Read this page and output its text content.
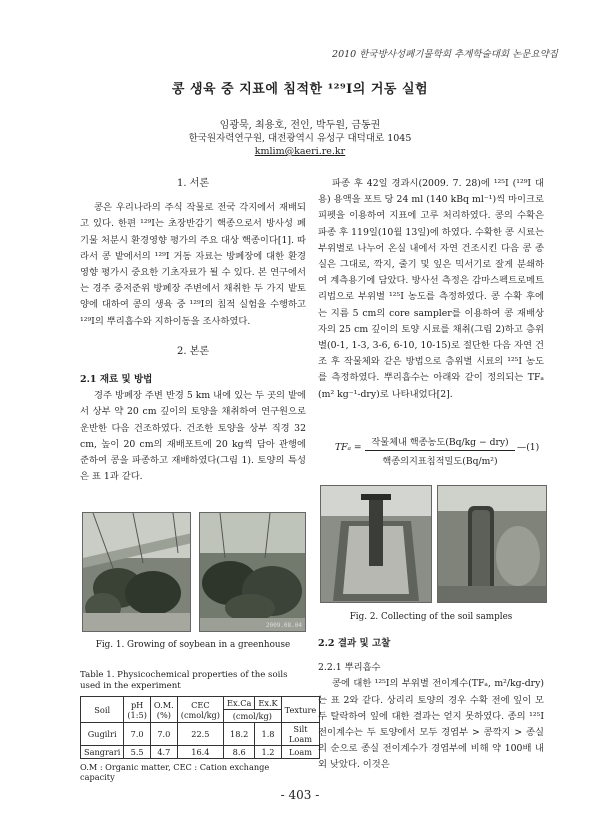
2010 한국방사성폐기물학회 추계학술대회 논문요약집
콩 생육 중 지표에 침적한 ¹²⁹I의 거동 실험
임광묵, 최용호, 전인, 박두원, 금동권
한국원자력연구원, 대전광역시 유성구 대덕대로 1045
kmlim@kaeri.re.kr
1. 서론
콩은 우리나라의 주식 작물로 전국 각지에서 재배되고 있다. 한편 ¹²⁹I는 초장반감기 핵종으로서 방사성 폐기물 처분시 환경영향 평가의 주요 대상 핵종이다[1]. 따라서 콩 밭에서의 ¹²⁹I 거동 자료는 방폐장에 대한 환경영향 평가시 중요한 기초자료가 될 수 있다. 본 연구에서는 경주 중저준위 방폐장 주변에서 채취한 두 가지 밭토양에 대하여 콩의 생육 중 ¹²⁹I의 침적 실험을 수행하고 ¹²⁹I의 뿌리흡수와 지하이동을 조사하였다.
2. 본론
2.1 재료 및 방법
경주 방폐장 주변 반경 5 km 내에 있는 두 곳의 밭에서 상부 약 20 cm 깊이의 토양을 채취하여 연구원으로 운반한 다음 건조하였다. 건조한 토양을 상부 직경 32 cm, 높이 20 cm의 재배포트에 20 kg씩 담아 관행에 준하여 콩을 파종하고 재배하였다(그림 1). 토양의 특성은 표 1과 같다.
2009.08.04
Fig. 1. Growing of soybean in a greenhouse
Table 1. Physicochemical properties of the soils used in the experiment
Soil	pH (1:5)	O.M. (%)	CEC (cmol/kg)	Ex.Ca	Ex.K	Texture
				(cmol/kg)		
Gugilri	7.0	7.0	22.5	18.2	1.8	Silt Loam
Sangrari	5.5	4.7	16.4	8.6	1.2	Loam
O.M : Organic matter, CEC : Cation exchange capacity
파종 후 42일 경과시(2009. 7. 28)에 ¹²⁵I (¹²⁹I 대용) 용액을 포트 당 24 ml (140 kBq ml⁻¹)씩 마이크로 피펫을 이용하여 지표에 고루 처리하였다. 콩의 수확은 파종 후 119일(10월 13일)에 하였다. 수확한 콩 시료는 부위별로 나누어 온실 내에서 자연 건조시킨 다음 콩 종실은 그대로, 깍지, 줄기 및 잎은 믹서기로 잘게 분쇄하여 계측용기에 담았다. 방사선 측정은 감마스펙트로메트리법으로 부위별 ¹²⁵I 농도를 측정하였다. 콩 수확 후에는 지름 5 cm의 core sampler를 이용하여 콩 재배상자의 25 cm 깊이의 토양 시료를 채취(그림 2)하고 층위별(0-1, 1-3, 3-6, 6-10, 10-15)로 절단한 다음 자연 건조 후 작물체와 같은 방법으로 층위별 시료의 ¹²⁵I 농도를 측정하였다. 뿌리흡수는 아래와 같이 정의되는 TFₐ (m² kg⁻¹-dry)로 나타내었다[2].
TFₐ =	작물체내 핵종농도(Bq/kg − dry)
핵종의지표침적밀도(Bq/m²)
—(1)
Fig. 2. Collecting of the soil samples
2.2 결과 및 고찰
2.2.1 뿌리흡수
콩에 대한 ¹²⁵I의 부위별 전이계수(TFₐ, m²/kg-dry)는 표 2와 같다. 상리리 토양의 경우 수확 전에 잎이 모두 탈락하여 잎에 대한 결과는 얻지 못하였다. 종의 ¹²⁵I 전이계수는 두 토양에서 모두 경엽부 > 콩깍지 > 종실의 순으로 종실 전이계수가 경엽부에 비해 약 100배 내외 낮았다. 이것은
- 403 -
